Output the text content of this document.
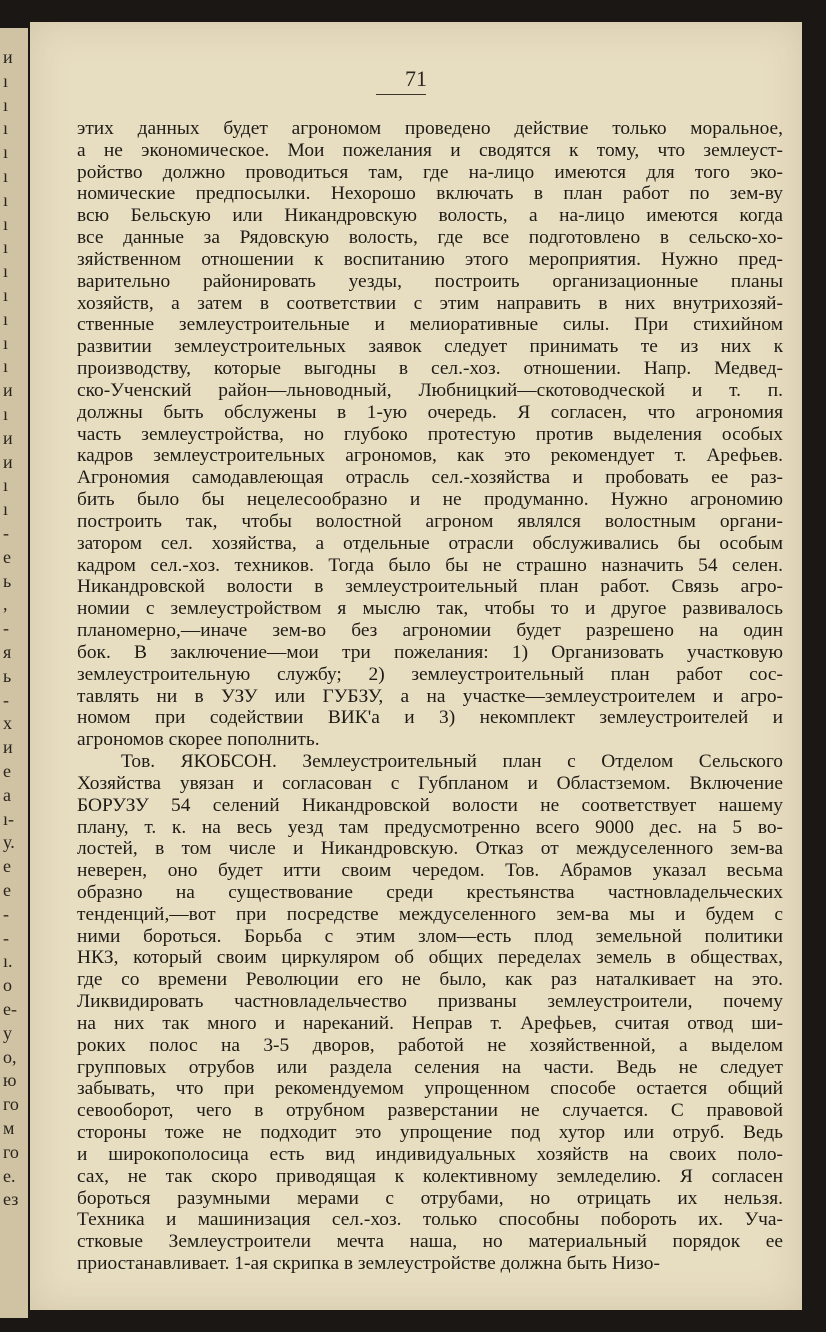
и
ı
ı
ı
ı
ı
ı
ı
ı
ı
ı
ı
ı
ı
и
ı
и
и
ı
ı
-
е
ь
,
-
я
ь
-
х
и
е
а
ı-
у.
е
е
-
-
ı.
о
е-
у
о,
ю
го
м
го
е.
ез
71
этих данных будет агрономом проведено действие только моральное,
а не экономическое. Мои пожелания и сводятся к тому, что землеуст-
ройство должно проводиться там, где на-лицо имеются для того эко-
номические предпосылки. Нехорошо включать в план работ по зем-ву
всю Бельскую или Никандровскую волость, а на-лицо имеются когда
все данные за Рядовскую волость, где все подготовлено в сельско-хо-
зяйственном отношении к воспитанию этого мероприятия. Нужно пред-
варительно районировать уезды, построить организационные планы
хозяйств, а затем в соответствии с этим направить в них внутрихозяй-
ственные землеустроительные и мелиоративные силы. При стихийном
развитии землеустроительных заявок следует принимать те из них к
производству, которые выгодны в сел.-хоз. отношении. Напр. Медвед-
ско-Ученский район—льноводный, Любницкий—скотоводческой и т. п.
должны быть обслужены в 1-ую очередь. Я согласен, что агрономия
часть землеустройства, но глубоко протестую против выделения особых
кадров землеустроительных агрономов, как это рекомендует т. Арефьев.
Агрономия самодавлеющая отрасль сел.-хозяйства и пробовать ее раз-
бить было бы нецелесообразно и не продуманно. Нужно агрономию
построить так, чтобы волостной агроном являлся волостным органи-
затором сел. хозяйства, а отдельные отрасли обслуживались бы особым
кадром сел.-хоз. техников. Тогда было бы не страшно назначить 54 селен.
Никандровской волости в землеустроительный план работ. Связь агро-
номии с землеустройством я мыслю так, чтобы то и другое развивалось
планомерно,—иначе зем-во без агрономии будет разрешено на один
бок. В заключение—мои три пожелания: 1) Организовать участковую
землеустроительную службу; 2) землеустроительный план работ сос-
тавлять ни в УЗУ или ГУБЗУ, а на участке—землеустроителем и агро-
номом при содействии ВИК'а и 3) некомплект землеустроителей и
агрономов скорее пополнить.
Тов. ЯКОБСОН. Землеустроительный план с Отделом Сельского
Хозяйства увязан и согласован с Губпланом и Областземом. Включение
БОРУЗУ 54 селений Никандровской волости не соответствует нашему
плану, т. к. на весь уезд там предусмотренно всего 9000 дес. на 5 во-
лостей, в том числе и Никандровскую. Отказ от междуселенного зем-ва
неверен, оно будет итти своим чередом. Тов. Абрамов указал весьма
образно на существование среди крестьянства частновладельческих
тенденций,—вот при посредстве междуселенного зем-ва мы и будем с
ними бороться. Борьба с этим злом—есть плод земельной политики
НКЗ, который своим циркуляром об общих переделах земель в обществах,
где со времени Революции его не было, как раз наталкивает на это.
Ликвидировать частновладельчество призваны землеустроители, почему
на них так много и нареканий. Неправ т. Арефьев, считая отвод ши-
роких полос на 3-5 дворов, работой не хозяйственной, а выделом
групповых отрубов или раздела селения на части. Ведь не следует
забывать, что при рекомендуемом упрощенном способе остается общий
севооборот, чего в отрубном разверстании не случается. С правовой
стороны тоже не подходит это упрощение под хутор или отруб. Ведь
и широкополосица есть вид индивидуальных хозяйств на своих поло-
сах, не так скоро приводящая к колективному земледелию. Я согласен
бороться разумными мерами с отрубами, но отрицать их нельзя.
Техника и машинизация сел.-хоз. только способны побороть их. Уча-
стковые Землеустроители мечта наша, но материальный порядок ее
приостанавливает. 1-ая скрипка в землеустройстве должна быть Низо-
